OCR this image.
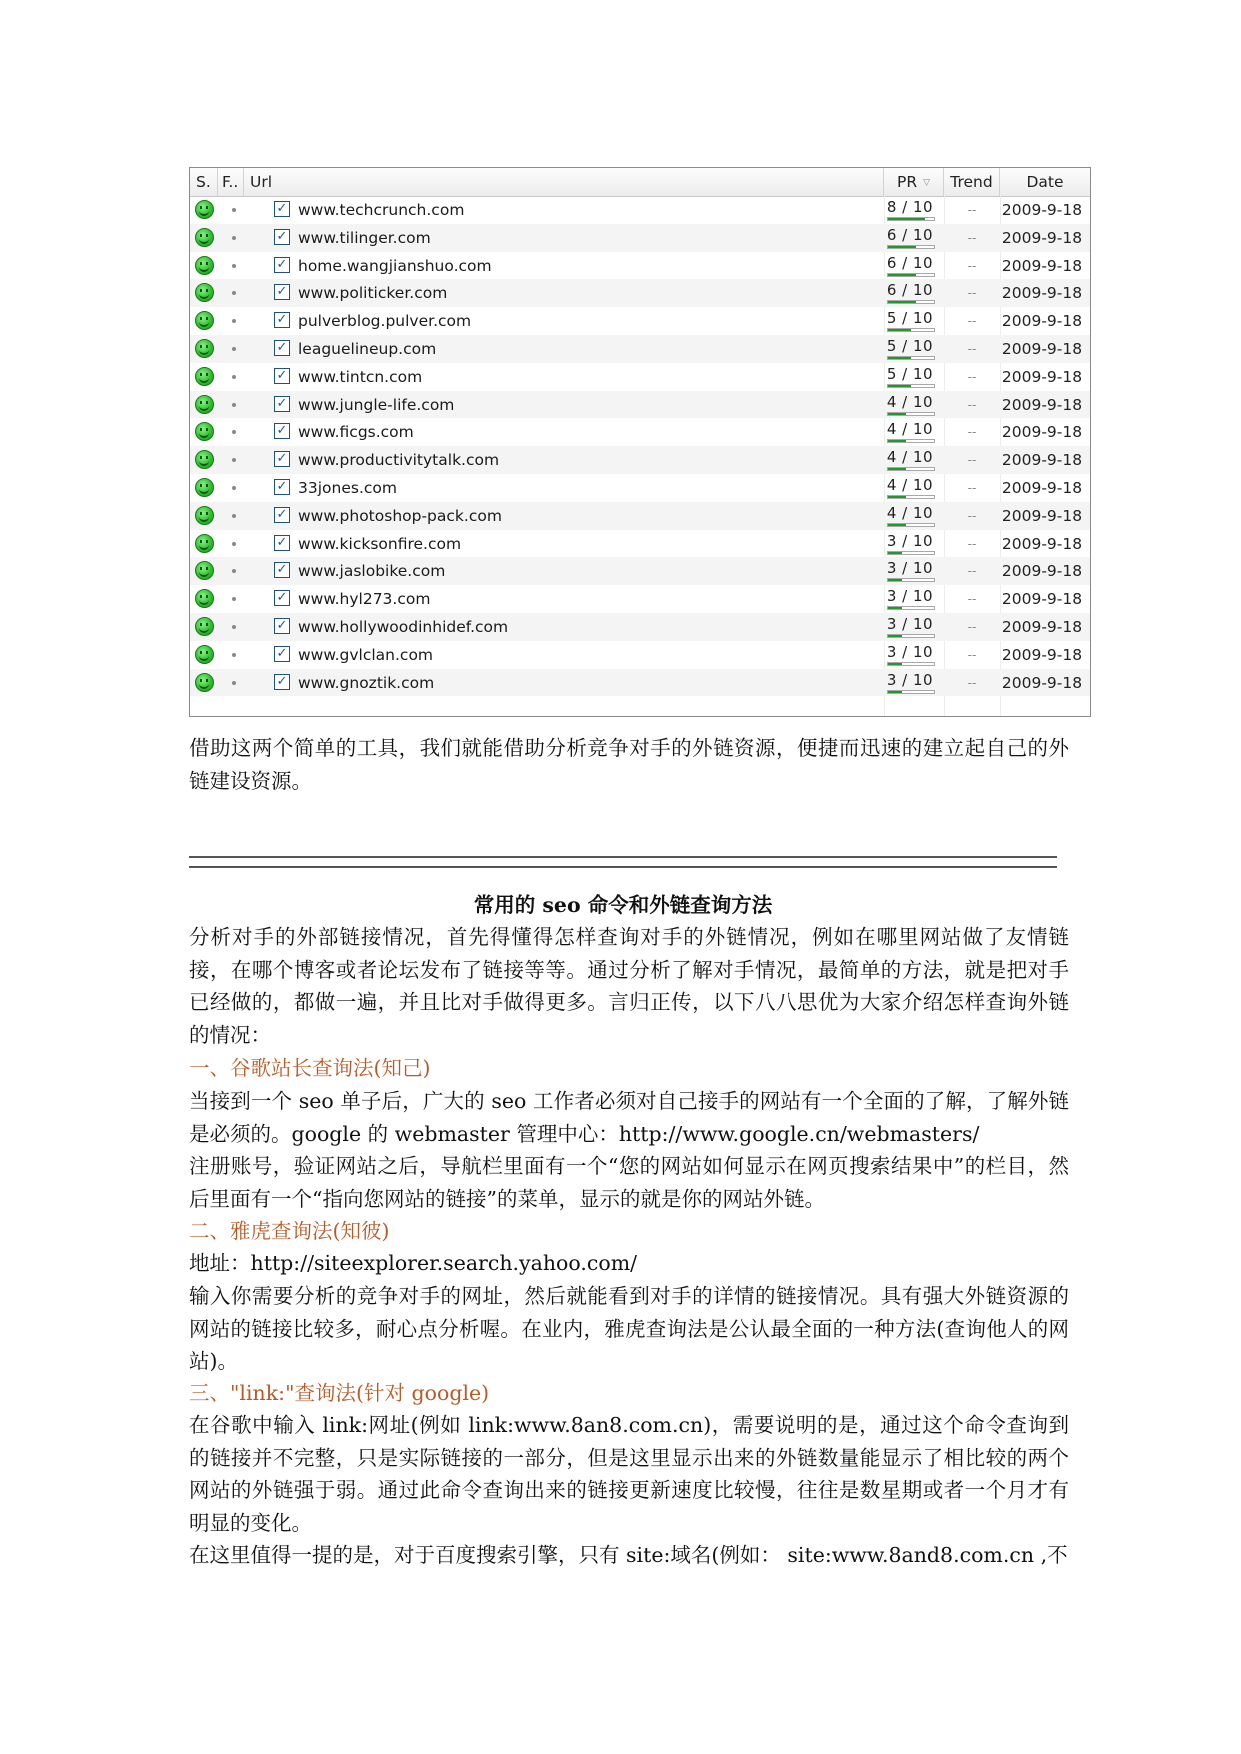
S. F.. Url	PR ▽	Trend	Date
✓ www.techcrunch.com	8 / 10	--	2009-9-18
✓ www.tilinger.com	6 / 10	--	2009-9-18
✓ home.wangjianshuo.com	6 / 10	--	2009-9-18
✓ www.politicker.com	6 / 10	--	2009-9-18
✓ pulverblog.pulver.com	5 / 10	--	2009-9-18
✓ leaguelineup.com	5 / 10	--	2009-9-18
✓ www.tintcn.com	5 / 10	--	2009-9-18
✓ www.jungle-life.com	4 / 10	--	2009-9-18
✓ www.ficgs.com	4 / 10	--	2009-9-18
✓ www.productivitytalk.com	4 / 10	--	2009-9-18
✓ 33jones.com	4 / 10	--	2009-9-18
✓ www.photoshop-pack.com	4 / 10	--	2009-9-18
✓ www.kicksonfire.com	3 / 10	--	2009-9-18
✓ www.jaslobike.com	3 / 10	--	2009-9-18
✓ www.hyl273.com	3 / 10	--	2009-9-18
✓ www.hollywoodinhidef.com	3 / 10	--	2009-9-18
✓ www.gvlclan.com	3 / 10	--	2009-9-18
✓ www.gnoztik.com	3 / 10	--	2009-9-18
借助这两个简单的工具，我们就能借助分析竞争对手的外链资源，便捷而迅速的建立起自己的外链建设资源。
常用的 seo 命令和外链查询方法
分析对手的外部链接情况，首先得懂得怎样查询对手的外链情况，例如在哪里网站做了友情链接，在哪个博客或者论坛发布了链接等等。通过分析了解对手情况，最简单的方法，就是把对手已经做的，都做一遍，并且比对手做得更多。言归正传，以下八八思优为大家介绍怎样查询外链的情况：
一、谷歌站长查询法(知己)
当接到一个 seo 单子后，广大的 seo 工作者必须对自己接手的网站有一个全面的了解，了解外链是必须的。google 的 webmaster 管理中心：http://www.google.cn/webmasters/
注册账号，验证网站之后，导航栏里面有一个“您的网站如何显示在网页搜索结果中”的栏目，然后里面有一个“指向您网站的链接”的菜单，显示的就是你的网站外链。
二、雅虎查询法(知彼)
地址：http://siteexplorer.search.yahoo.com/
输入你需要分析的竞争对手的网址，然后就能看到对手的详情的链接情况。具有强大外链资源的网站的链接比较多，耐心点分析喔。在业内，雅虎查询法是公认最全面的一种方法(查询他人的网站)。
三、"link:"查询法(针对 google)
在谷歌中输入 link:网址(例如 link:www.8an8.com.cn)，需要说明的是，通过这个命令查询到的链接并不完整，只是实际链接的一部分，但是这里显示出来的外链数量能显示了相比较的两个网站的外链强于弱。通过此命令查询出来的链接更新速度比较慢，往往是数星期或者一个月才有明显的变化。
在这里值得一提的是，对于百度搜索引擎，只有 site:域名(例如： site:www.8and8.com.cn ,不
